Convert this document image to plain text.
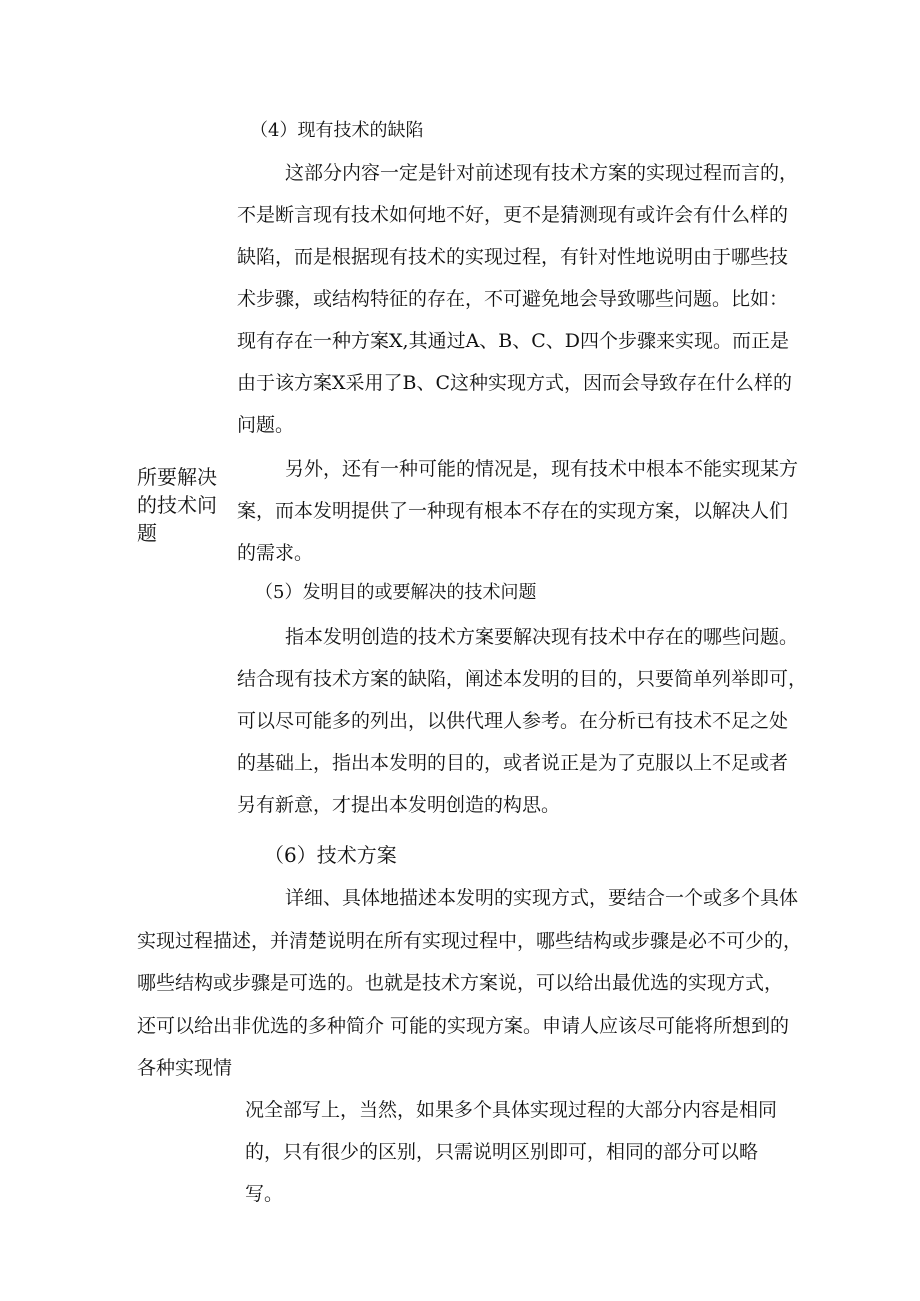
（4）现有技术的缺陷
这部分内容一定是针对前述现有技术方案的实现过程而言的，
不是断言现有技术如何地不好，更不是猜测现有或许会有什么样的
缺陷，而是根据现有技术的实现过程，有针对性地说明由于哪些技
术步骤，或结构特征的存在，不可避免地会导致哪些问题。比如：
现有存在一种方案X,其通过A、B、C、D四个步骤来实现。而正是
由于该方案X采用了B、C这种实现方式，因而会导致存在什么样的
问题。
另外，还有一种可能的情况是，现有技术中根本不能实现某方
案，而本发明提供了一种现有根本不存在的实现方案，以解决人们
的需求。
所要解决
的技术问
题
（5）发明目的或要解决的技术问题
指本发明创造的技术方案要解决现有技术中存在的哪些问题。
结合现有技术方案的缺陷，阐述本发明的目的，只要简单列举即可，
可以尽可能多的列出，以供代理人参考。在分析已有技术不足之处
的基础上，指出本发明的目的，或者说正是为了克服以上不足或者
另有新意，才提出本发明创造的构思。
（6）技术方案
详细、具体地描述本发明的实现方式，要结合一个或多个具体
实现过程描述，并清楚说明在所有实现过程中，哪些结构或步骤是必不可少的，
哪些结构或步骤是可选的。也就是技术方案说，可以给出最优选的实现方式，
还可以给出非优选的多种简介 可能的实现方案。申请人应该尽可能将所想到的
各种实现情
况全部写上，当然，如果多个具体实现过程的大部分内容是相同
的，只有很少的区别，只需说明区别即可，相同的部分可以略
写。
